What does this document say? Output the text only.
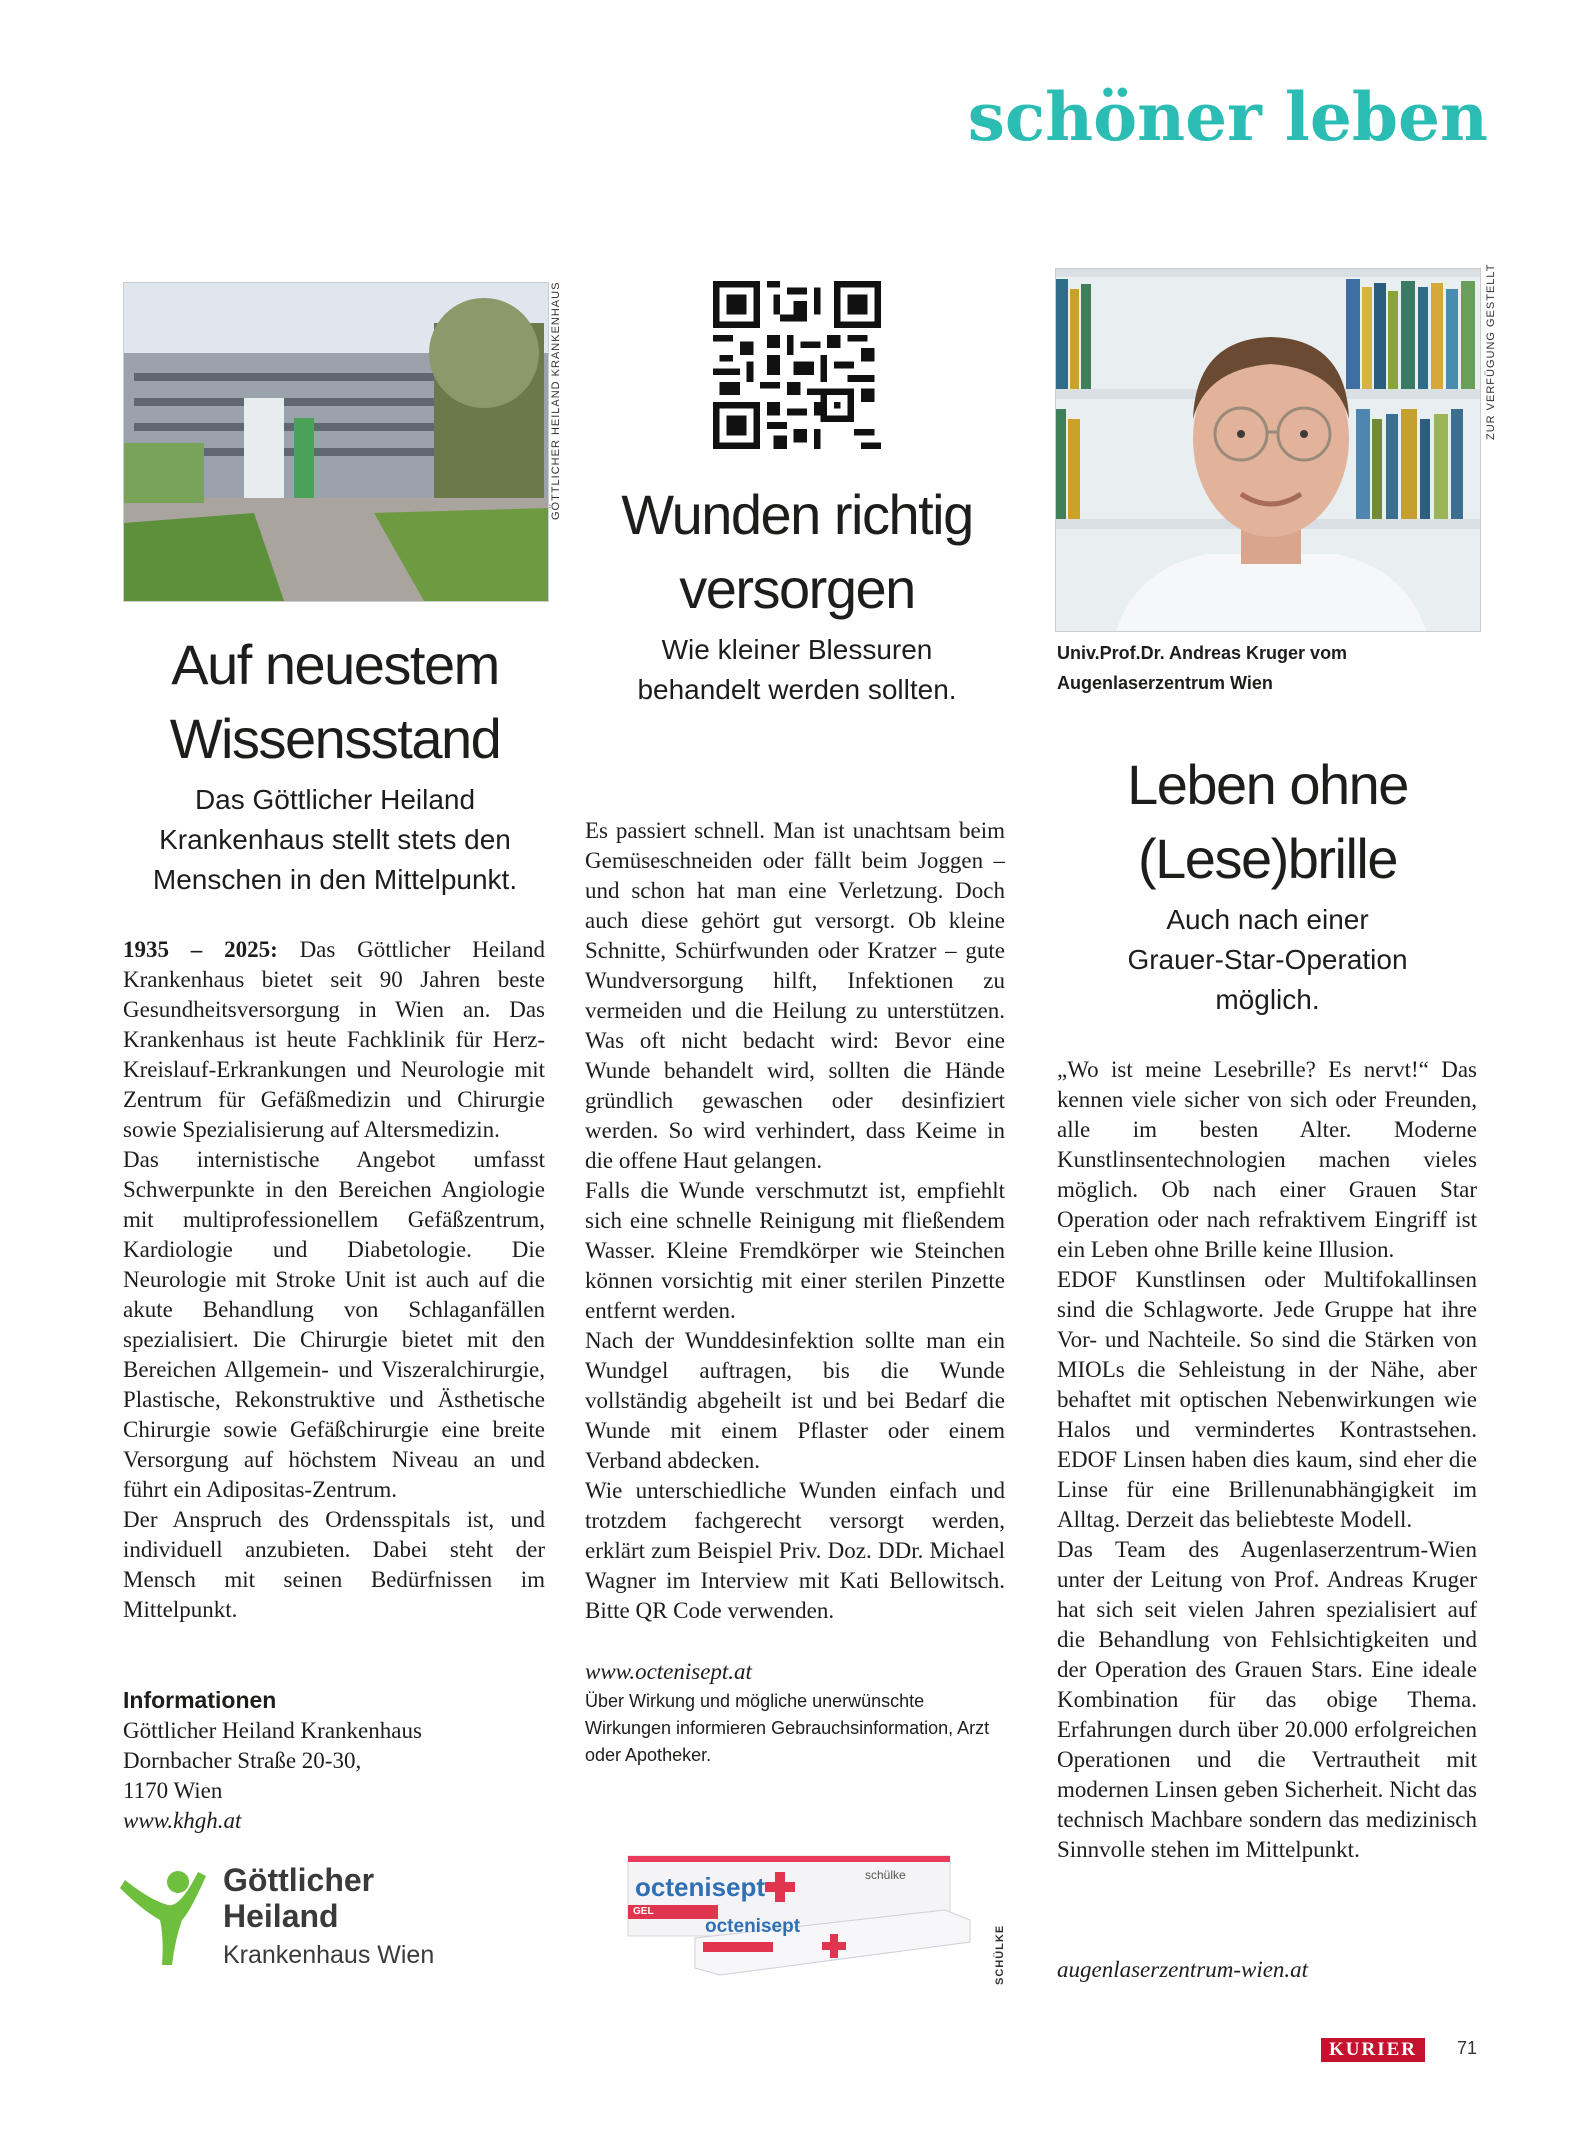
schöner leben
GÖTTLICHER HEILAND KRANKENHAUS
Auf neuestem
Wissensstand
Das Göttlicher Heiland
Krankenhaus stellt stets den
Menschen in den Mittelpunkt.

1935 – 2025: Das Göttlicher Heiland Krankenhaus bietet seit 90 Jahren beste Gesundheitsversorgung in Wien an. Das Krankenhaus ist heute Fachklinik für Herz-Kreislauf-Erkrankungen und Neurologie mit Zentrum für Gefäßmedizin und Chirurgie sowie Spezialisierung auf Altersmedizin.

Das internistische Angebot umfasst Schwerpunkte in den Bereichen Angiologie mit multiprofessionellem Gefäßzentrum, Kardiologie und Diabetologie. Die Neurologie mit Stroke Unit ist auch auf die akute Behandlung von Schlaganfällen spezialisiert. Die Chirurgie bietet mit den Bereichen Allgemein- und Viszeralchirurgie, Plastische, Rekonstruktive und Ästhetische Chirurgie sowie Gefäßchirurgie eine breite Versorgung auf höchstem Niveau an und führt ein Adipositas-Zentrum.

Der Anspruch des Ordensspitals ist, und individuell anzubieten. Dabei steht der Mensch mit seinen Bedürfnissen im Mittelpunkt.

Informationen
Göttlicher Heiland Krankenhaus
Dornbacher Straße 20-30,
1170 Wien
www.khgh.at
Göttlicher
Heiland
Krankenhaus Wien
Wunden richtig
versorgen
Wie kleiner Blessuren
behandelt werden sollten.

Es passiert schnell. Man ist unachtsam beim Gemüseschneiden oder fällt beim Joggen – und schon hat man eine Verletzung. Doch auch diese gehört gut versorgt. Ob kleine Schnitte, Schürfwunden oder Kratzer – gute Wundversorgung hilft, Infektionen zu vermeiden und die Heilung zu unterstützen. Was oft nicht bedacht wird: Bevor eine Wunde behandelt wird, sollten die Hände gründlich gewaschen oder desinfiziert werden. So wird verhindert, dass Keime in die offene Haut gelangen.

Falls die Wunde verschmutzt ist, empfiehlt sich eine schnelle Reinigung mit fließendem Wasser. Kleine Fremdkörper wie Steinchen können vorsichtig mit einer sterilen Pinzette entfernt werden.

Nach der Wunddesinfektion sollte man ein Wundgel auftragen, bis die Wunde vollständig abgeheilt ist und bei Bedarf die Wunde mit einem Pflaster oder einem Verband abdecken.

Wie unterschiedliche Wunden einfach und trotzdem fachgerecht versorgt werden, erklärt zum Beispiel Priv. Doz. DDr. Michael Wagner im Interview mit Kati Bellowitsch. Bitte QR Code verwenden.

www.octenisept.at
Über Wirkung und mögliche unerwünschte Wirkungen informieren Gebrauchsinformation, Arzt oder Apotheker.
octenisept
octenisept
schülke
GEL
SCHÜLKE
ZUR VERFÜGUNG GESTELLT
Univ.Prof.Dr. Andreas Kruger vom
Augenlaserzentrum Wien
Leben ohne
(Lese)brille
Auch nach einer
Grauer-Star-Operation
möglich.

„Wo ist meine Lesebrille? Es nervt!“ Das kennen viele sicher von sich oder Freunden, alle im besten Alter. Moderne Kunstlinsentechnologien machen vieles möglich. Ob nach einer Grauen Star Operation oder nach refraktivem Eingriff ist ein Leben ohne Brille keine Illusion.

EDOF Kunstlinsen oder Multifokallinsen sind die Schlagworte. Jede Gruppe hat ihre Vor- und Nachteile. So sind die Stärken von MIOLs die Sehleistung in der Nähe, aber behaftet mit optischen Nebenwirkungen wie Halos und vermindertes Kontrastsehen. EDOF Linsen haben dies kaum, sind eher die Linse für eine Brillenunabhängigkeit im Alltag. Derzeit das beliebteste Modell.

Das Team des Augenlaserzentrum-Wien unter der Leitung von Prof. Andreas Kruger hat sich seit vielen Jahren spezialisiert auf die Behandlung von Fehlsichtigkeiten und der Operation des Grauen Stars. Eine ideale Kombination für das obige Thema. Erfahrungen durch über 20.000 erfolgreichen Operationen und die Vertrautheit mit modernen Linsen geben Sicherheit. Nicht das technisch Machbare sondern das medizinisch Sinnvolle stehen im Mittelpunkt.

augenlaserzentrum-wien.at
KURIER	71
